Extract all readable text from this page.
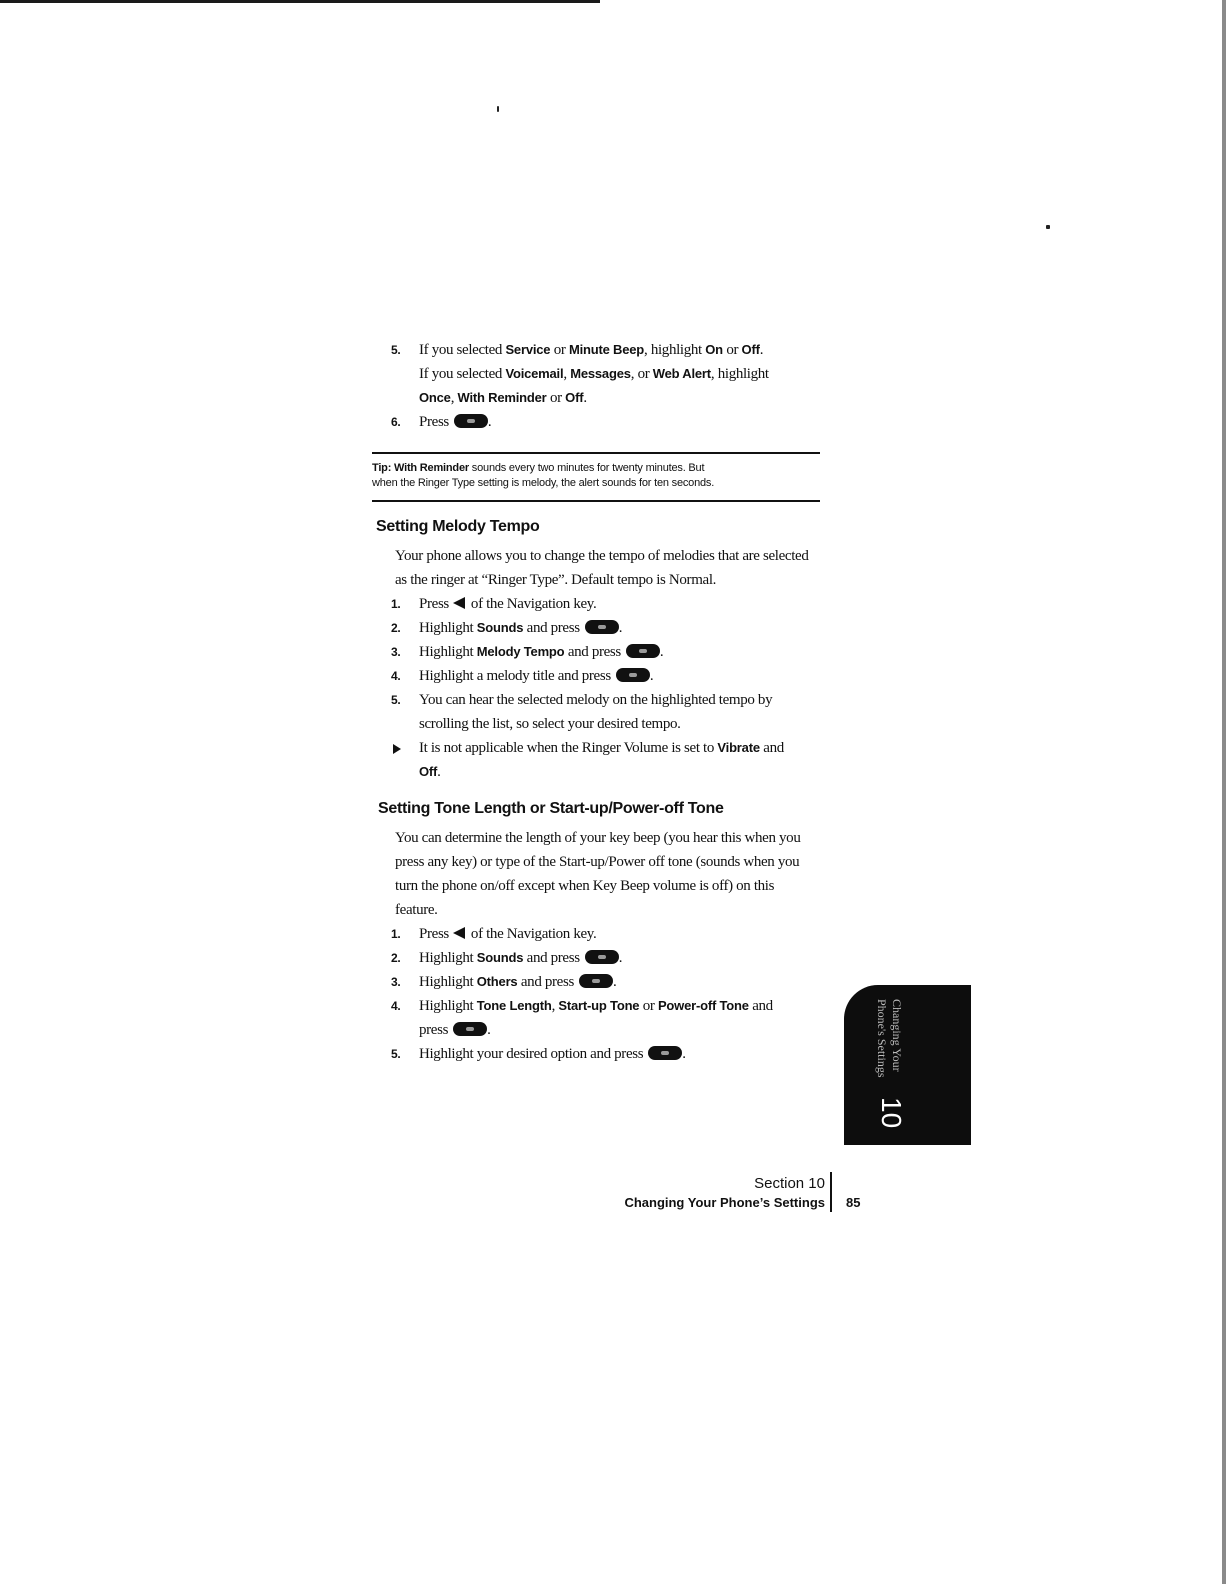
5. If you selected Service or Minute Beep, highlight On or Off.
If you selected Voicemail, Messages, or Web Alert, highlight
Once, With Reminder or Off.
6. Press	.
Tip: With Reminder sounds every two minutes for twenty minutes. But
when the Ringer Type setting is melody, the alert sounds for ten seconds.
Setting Melody Tempo

Your phone allows you to change the tempo of melodies that are selected
as the ringer at “Ringer Type”. Default tempo is Normal.

1. Press of the Navigation key.
2. Highlight Sounds and press	.
3. Highlight Melody Tempo and press	.
4. Highlight a melody title and press	.
5. You can hear the selected melody on the highlighted tempo by
scrolling the list, so select your desired tempo.
It is not applicable when the Ringer Volume is set to Vibrate and
Off.
Setting Tone Length or Start-up/Power-off Tone

You can determine the length of your key beep (you hear this when you
press any key) or type of the Start-up/Power off tone (sounds when you
turn the phone on/off except when Key Beep volume is off) on this
feature.

1. Press of the Navigation key.
2. Highlight Sounds and press	.
3. Highlight Others and press	.
4. Highlight Tone Length, Start-up Tone or Power-off Tone and
press	.
5. Highlight your desired option and press	.	Changing Your
Phone's Settings
10
Section 10
Changing Your Phone’s Settings 85
